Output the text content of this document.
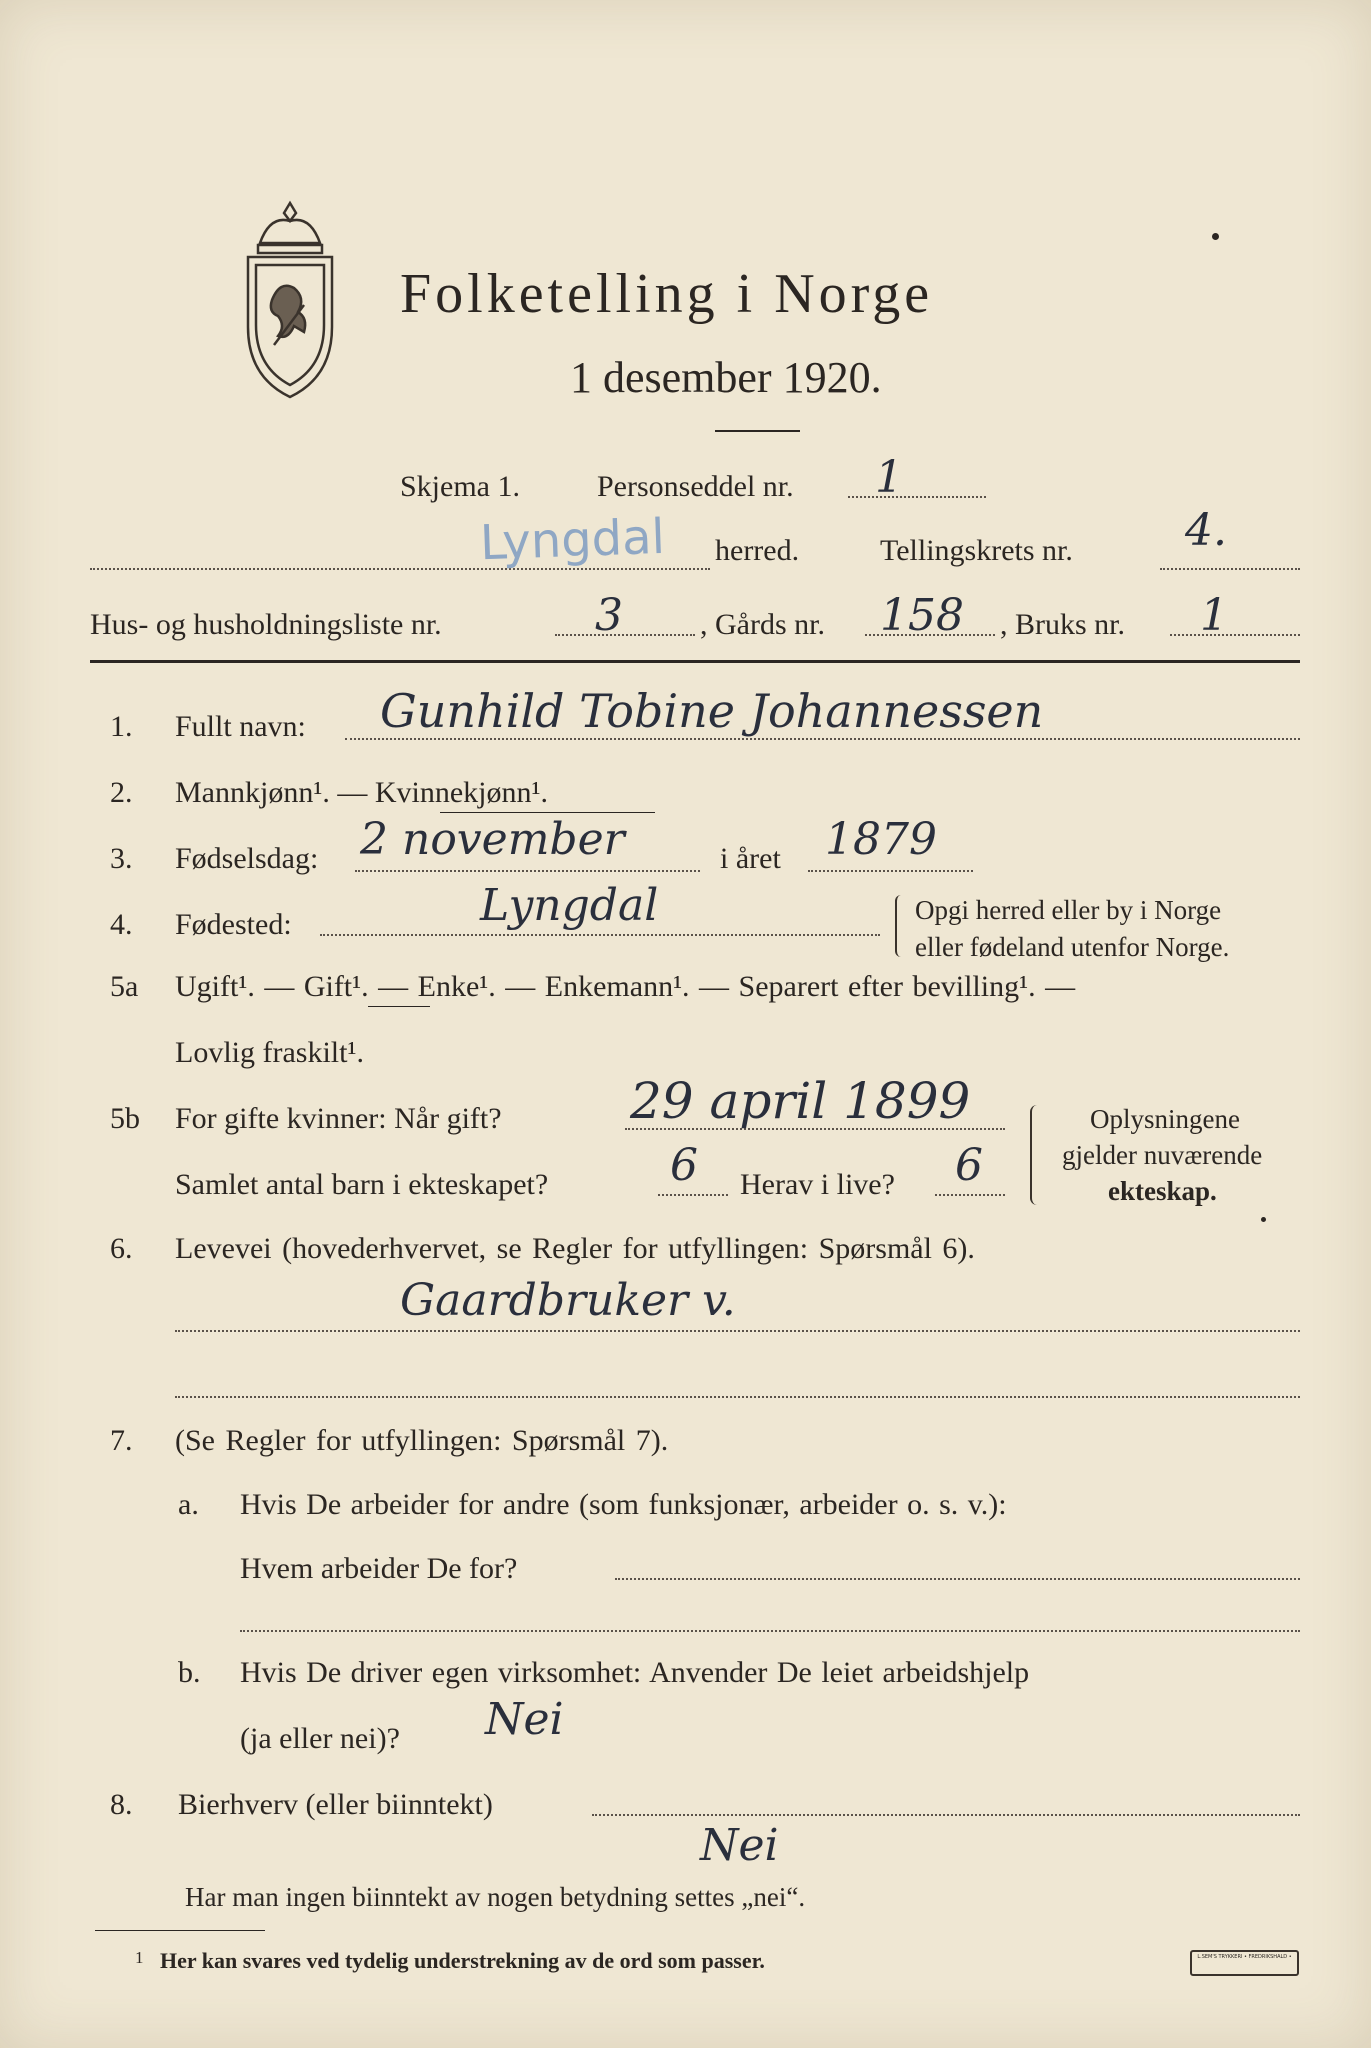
Folketelling i Norge
1 desember 1920.
Skjema 1.	Personseddel nr. 1
Lyngdal herred.	Tellingskrets nr.	4.
Hus- og husholdningsliste nr.	3	, Gårds nr. 158 , Bruks nr. 1
1. Fullt navn: Gunhild Tobine Johannessen
2. Mannkjønn¹. — Kvinnekjønn¹.
3. Fødselsdag: 2 november	i året 1879
4. Fødested:	Lyngdal	Opgi herred eller by i Norge
eller fødeland utenfor Norge.
5a Ugift¹. — Gift¹. — Enke¹. — Enkemann¹. — Separert efter bevilling¹. —
Lovlig fraskilt¹.
5b For gifte kvinner: Når gift?	29 april 1899
Samlet antal barn i ekteskapet?	6 Herav i live? 6
Oplysningene
gjelder nuværende
ekteskap.
6. Levevei (hovederhvervet, se Regler for utfyllingen: Spørsmål 6).
Gaardbruker v.
7. (Se Regler for utfyllingen: Spørsmål 7).
a. Hvis De arbeider for andre (som funksjonær, arbeider o. s. v.):
Hvem arbeider De for?
b. Hvis De driver egen virksomhet: Anvender De leiet arbeidshjelp
(ja eller nei)? Nei
8. Bierhverv (eller biinntekt)
Nei
Har man ingen biinntekt av nogen betydning settes „nei“.
1 Her kan svares ved tydelig understrekning av de ord som passer.	L.SEM'S TRYKKERI • FREDRIKSHALD •
